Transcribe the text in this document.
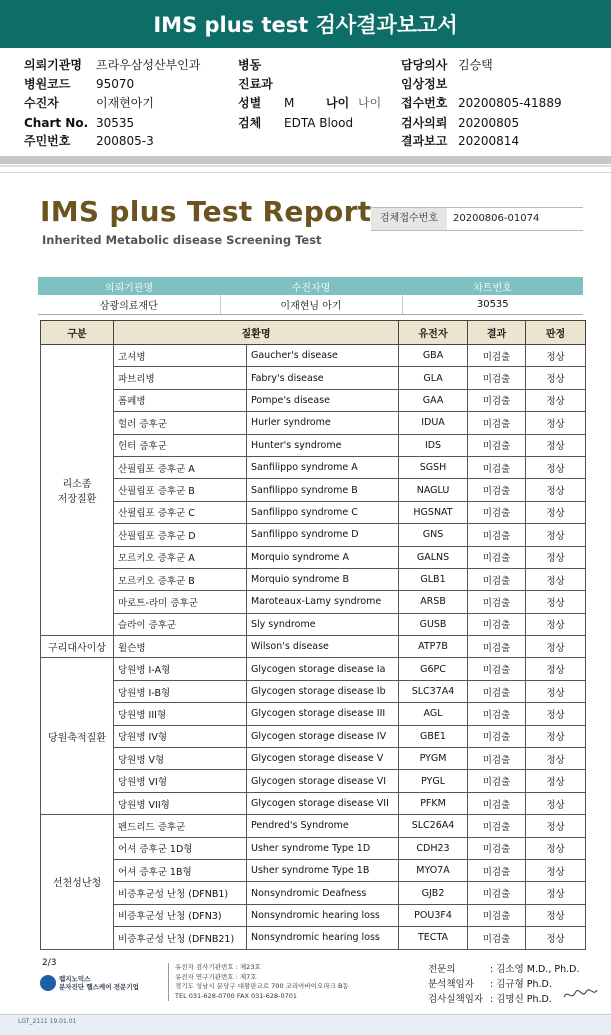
IMS plus test 검사결과보고서
의뢰기관명 프라우삼성산부인과
병원코드 95070
수진자	이재현아기
Chart No. 30535
주민번호 200805-3
병동
진료과
성별 M	나이 나이
검체 EDTA Blood
담당의사 김승택
임상정보
접수번호 20200805-41889
검사의뢰 20200805
결과보고 20200814
IMS plus Test Report
Inherited Metabolic disease Screening Test
검체접수번호 20200806-01074
의뢰기관명	수진자명	차트번호
삼광의료재단	이재현님 아기	30535
구분	질환명		유전자	결과	판정
리소좀
저장질환	고셔병	Gaucher's disease	GBA	미검출	정상
	파브리병	Fabry's disease	GLA	미검출	정상
	폼페병	Pompe's disease	GAA	미검출	정상
	헐러 증후군	Hurler syndrome	IDUA	미검출	정상
	헌터 증후군	Hunter's syndrome	IDS	미검출	정상
	산필립포 증후군 A	Sanfilippo syndrome A	SGSH	미검출	정상
	산필립포 증후군 B	Sanfilippo syndrome B	NAGLU	미검출	정상
	산필립포 증후군 C	Sanfilippo syndrome C	HGSNAT	미검출	정상
	산필립포 증후군 D	Sanfilippo syndrome D	GNS	미검출	정상
	모르키오 증후군 A	Morquio syndrome A	GALNS	미검출	정상
	모르키오 증후군 B	Morquio syndrome B	GLB1	미검출	정상
	마로트-라미 증후군	Maroteaux-Lamy syndrome	ARSB	미검출	정상
	슬라이 증후군	Sly syndrome	GUSB	미검출	정상
구리대사이상	윌슨병	Wilson's disease	ATP7B	미검출	정상
당원축적질환	당원병 I-A형	Glycogen storage disease Ia	G6PC	미검출	정상
	당원병 I-B형	Glycogen storage disease Ib	SLC37A4	미검출	정상
	당원병 III형	Glycogen storage disease III	AGL	미검출	정상
	당원병 IV형	Glycogen storage disease IV	GBE1	미검출	정상
	당원병 V형	Glycogen storage disease V	PYGM	미검출	정상
	당원병 VI형	Glycogen storage disease VI	PYGL	미검출	정상
	당원병 VII형	Glycogen storage disease VII	PFKM	미검출	정상
선천성난청	펜드리드 증후군	Pendred's Syndrome	SLC26A4	미검출	정상
	어셔 증후군 1D형	Usher syndrome Type 1D	CDH23	미검출	정상
	어셔 증후군 1B형	Usher syndrome Type 1B	MYO7A	미검출	정상
	비증후군성 난청 (DFNB1)	Nonsyndromic Deafness	GJB2	미검출	정상
	비증후군성 난청 (DFN3)	Nonsyndromic hearing loss	POU3F4	미검출	정상
	비증후군성 난청 (DFNB21)	Nonsyndromic hearing loss	TECTA	미검출	정상
2/3
랩지노믹스
분자진단 헬스케어 전문기업
유전자 검사기관번호 : 제23호
유전자 연구기관번호 : 제7호
경기도 성남시 분당구 대왕판교로 700 코리아바이오파크 B동
TEL 031-628-0700 FAX 031-628-0701
전문의	: 김소영 M.D., Ph.D.
분석책임자 : 김규형 Ph.D.
검사실책임자 : 김명신 Ph.D.
LGT_2111 19.01.01
